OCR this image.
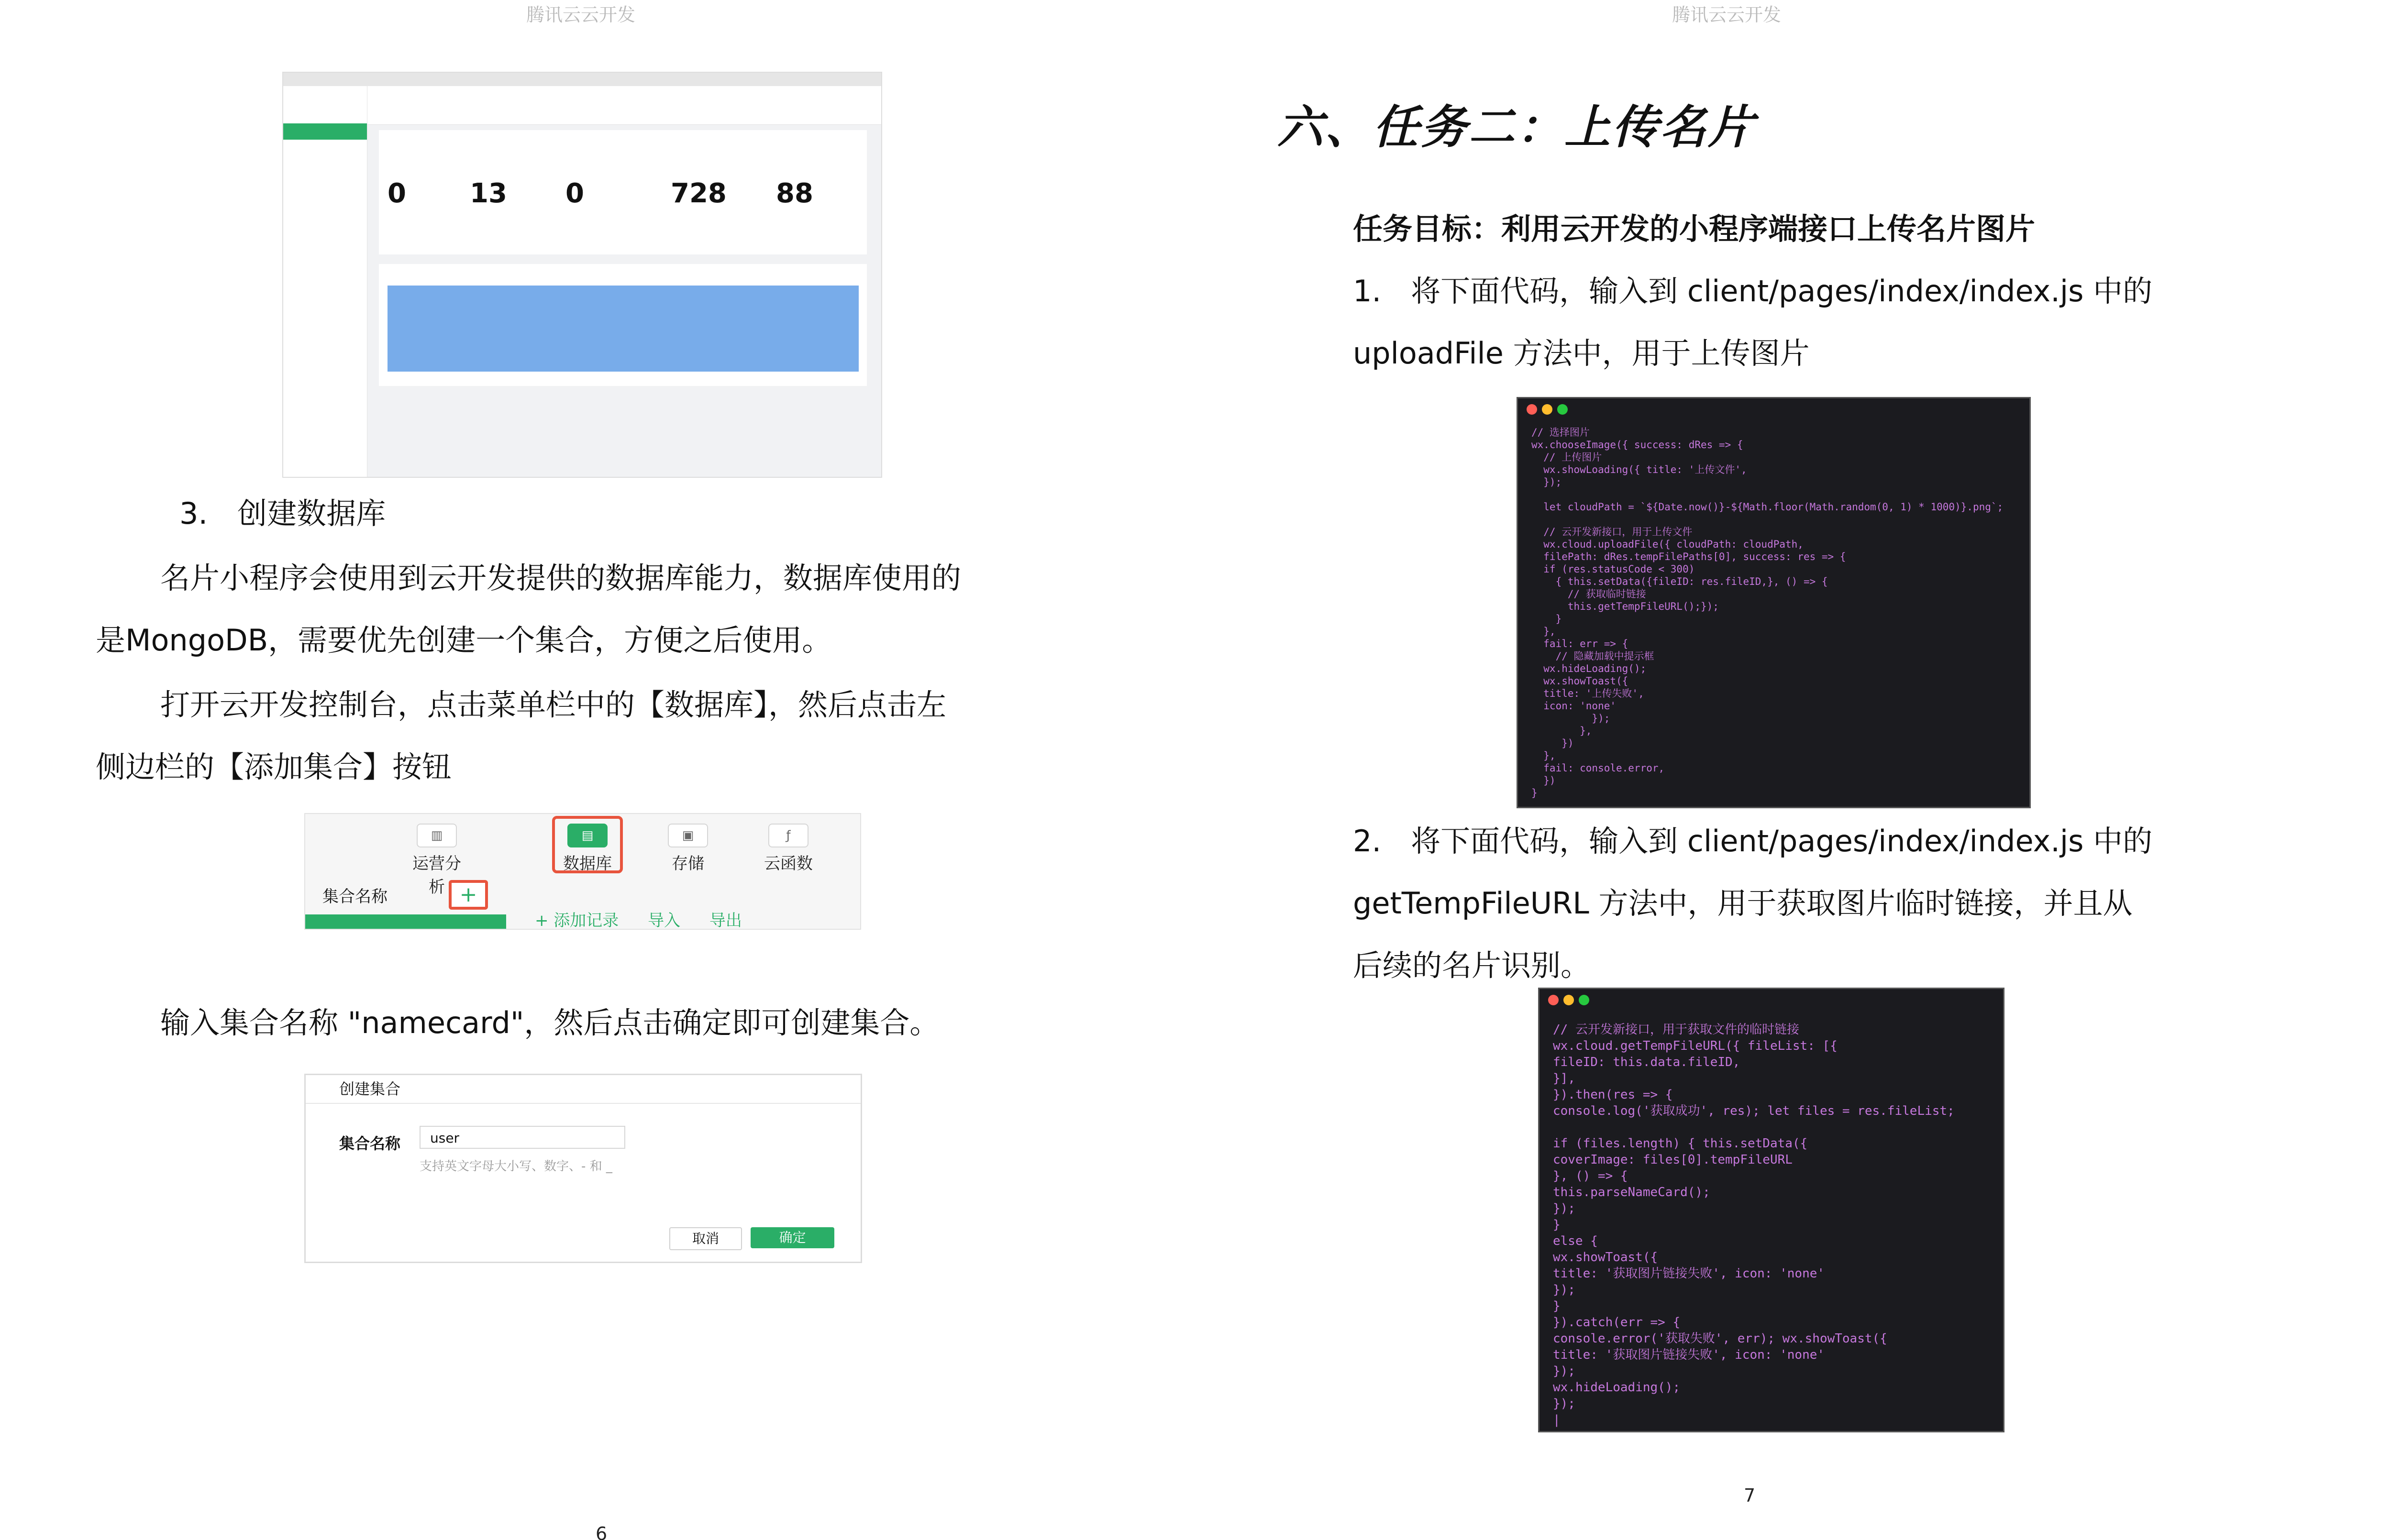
腾讯云云开发
0 13 0	728 88
3. 创建数据库
名片小程序会使用到云开发提供的数据库能力，数据库使用的
是MongoDB，需要优先创建一个集合，方便之后使用。
打开云开发控制台，点击菜单栏中的【数据库】，然后点击左
侧边栏的【添加集合】按钮
▥
运营分析
▤
数据库
▣
存储
ƒ
云函数
集合名称	+
+ 添加记录 导入 导出
输入集合名称 "namecard"，然后点击确定即可创建集合。
创建集合
集合名称	user
支持英文字母大小写、数字、- 和 _
取消	确定
6
腾讯云云开发
六、任务二：上传名片
任务目标：利用云开发的小程序端接口上传名片图片
1. 将下面代码，输入到 client/pages/index/index.js 中的
uploadFile 方法中，用于上传图片
// 选择图片
wx.chooseImage({ success: dRes => {
// 上传图片
wx.showLoading({ title: '上传文件',
});

let cloudPath = `${Date.now()}-${Math.floor(Math.random(0, 1) * 1000)}.png`;

// 云开发新接口，用于上传文件
wx.cloud.uploadFile({ cloudPath: cloudPath,
filePath: dRes.tempFilePaths[0], success: res => {
if (res.statusCode < 300)
{ this.setData({fileID: res.fileID,}, () => {
// 获取临时链接
this.getTempFileURL();});
}
},
fail: err => {
// 隐藏加载中提示框
wx.hideLoading();
wx.showToast({
title: '上传失败',
icon: 'none'
});
},
})
},
fail: console.error,
})
}
2. 将下面代码，输入到 client/pages/index/index.js 中的
getTempFileURL 方法中，用于获取图片临时链接，并且从
后续的名片识别。
// 云开发新接口，用于获取文件的临时链接
wx.cloud.getTempFileURL({ fileList: [{
fileID: this.data.fileID,
}],
}).then(res => {
console.log('获取成功', res); let files = res.fileList;

if (files.length) { this.setData({
coverImage: files[0].tempFileURL
}, () => {
this.parseNameCard();
});
}
else {
wx.showToast({
title: '获取图片链接失败', icon: 'none'
});
}
}).catch(err => {
console.error('获取失败', err); wx.showToast({
title: '获取图片链接失败', icon: 'none'
});
wx.hideLoading();
});
|
7
